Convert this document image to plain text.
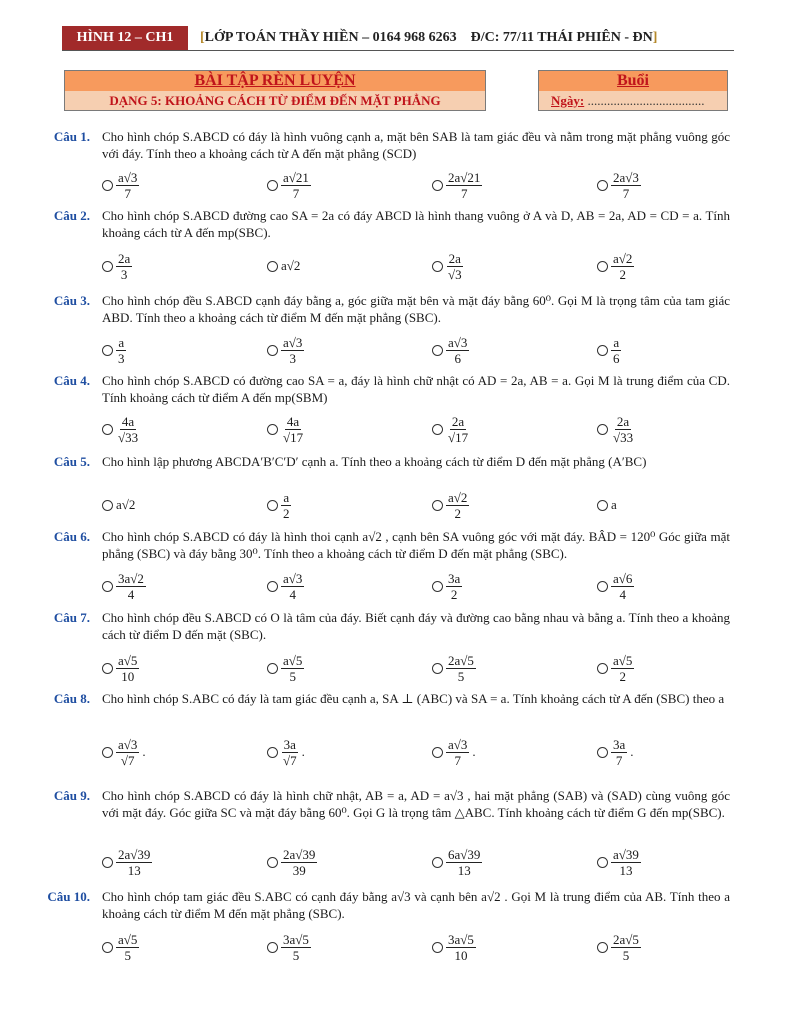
HÌNH 12 – CH1	[LỚP TOÁN THẦY HIỀN – 0164 968 6263    Đ/C: 77/11 THÁI PHIÊN - ĐN]
BÀI TẬP RÈN LUYỆN
DẠNG 5: KHOẢNG CÁCH TỪ ĐIỂM ĐẾN MẶT PHẲNG
Buổi
Ngày: ....................................
Câu 1. Cho hình chóp S.ABCD có đáy là hình vuông cạnh a, mặt bên SAB là tam giác đều và nằm trong mặt phẳng vuông góc với đáy. Tính theo a khoảng cách từ A đến mặt phẳng (SCD)
$\frac{a√3}{7}$	$\frac{a√21}{7}$	$\frac{2a√21}{7}$	$\frac{2a√3}{7}$
Câu 2. Cho hình chóp S.ABCD đường cao SA = 2a có đáy ABCD là hình thang vuông ở A và D, AB = 2a, AD = CD = a. Tính khoảng cách từ A đến mp(SBC).
$\frac{2a}{3}$	a√2	$\frac{2a}{√3}$	$\frac{a√2}{2}$
Câu 3. Cho hình chóp đều S.ABCD cạnh đáy bằng a, góc giữa mặt bên và mặt đáy bằng 60⁰. Gọi M là trọng tâm của tam giác ABD. Tính theo a khoảng cách từ điểm M đến mặt phẳng (SBC).
$\frac{a}{3}$	$\frac{a√3}{3}$	$\frac{a√3}{6}$	$\frac{a}{6}$
Câu 4. Cho hình chóp S.ABCD có đường cao SA = a, đáy là hình chữ nhật có AD = 2a, AB = a. Gọi M là trung điểm của CD. Tính khoảng cách từ điểm A đến mp(SBM)
$\frac{4a}{√33}$	$\frac{4a}{√17}$	$\frac{2a}{√17}$	$\frac{2a}{√33}$
Câu 5. Cho hình lập phương ABCDA′B′C′D′ cạnh a. Tính theo a khoảng cách từ điểm D đến mặt phẳng (A′BC)
a√2	$\frac{a}{2}$	$\frac{a√2}{2}$	a
Câu 6. Cho hình chóp S.ABCD có đáy là hình thoi cạnh a√2 , cạnh bên SA vuông góc với mặt đáy. BÂD = 120⁰ Góc giữa mặt phẳng (SBC) và đáy bằng 30⁰. Tính theo a khoảng cách từ điểm D đến mặt phẳng (SBC).
$\frac{3a√2}{4}$	$\frac{a√3}{4}$	$\frac{3a}{2}$	$\frac{a√6}{4}$
Câu 7. Cho hình chóp đều S.ABCD có O là tâm của đáy. Biết cạnh đáy và đường cao bằng nhau và bằng a. Tính theo a khoảng cách từ điểm D đến mặt (SBC).
$\frac{a√5}{10}$	$\frac{a√5}{5}$	$\frac{2a√5}{5}$	$\frac{a√5}{2}$
Câu 8. Cho hình chóp S.ABC có đáy là tam giác đều cạnh a, SA ⊥ (ABC) và SA = a. Tính khoảng cách từ A đến (SBC) theo a
$\frac{a√3}{√7}$ .	$\frac{3a}{√7}$ .	$\frac{a√3}{7}$ .	$\frac{3a}{7}$ .
Câu 9. Cho hình chóp S.ABCD có đáy là hình chữ nhật, AB = a, AD = a√3 , hai mặt phẳng (SAB) và (SAD) cùng vuông góc với mặt đáy. Góc giữa SC và mặt đáy bằng 60⁰. Gọi G là trọng tâm △ABC. Tính khoảng cách từ điểm G đến mp(SBC).
$\frac{2a√39}{13}$	$\frac{2a√39}{39}$	$\frac{6a√39}{13}$	$\frac{a√39}{13}$
Câu 10. Cho hình chóp tam giác đều S.ABC có cạnh đáy bằng a√3 và cạnh bên a√2 . Gọi M là trung điểm của AB. Tính theo a khoảng cách từ điểm M đến mặt phẳng (SBC).
$\frac{a√5}{5}$	$\frac{3a√5}{5}$	$\frac{3a√5}{10}$	$\frac{2a√5}{5}$
